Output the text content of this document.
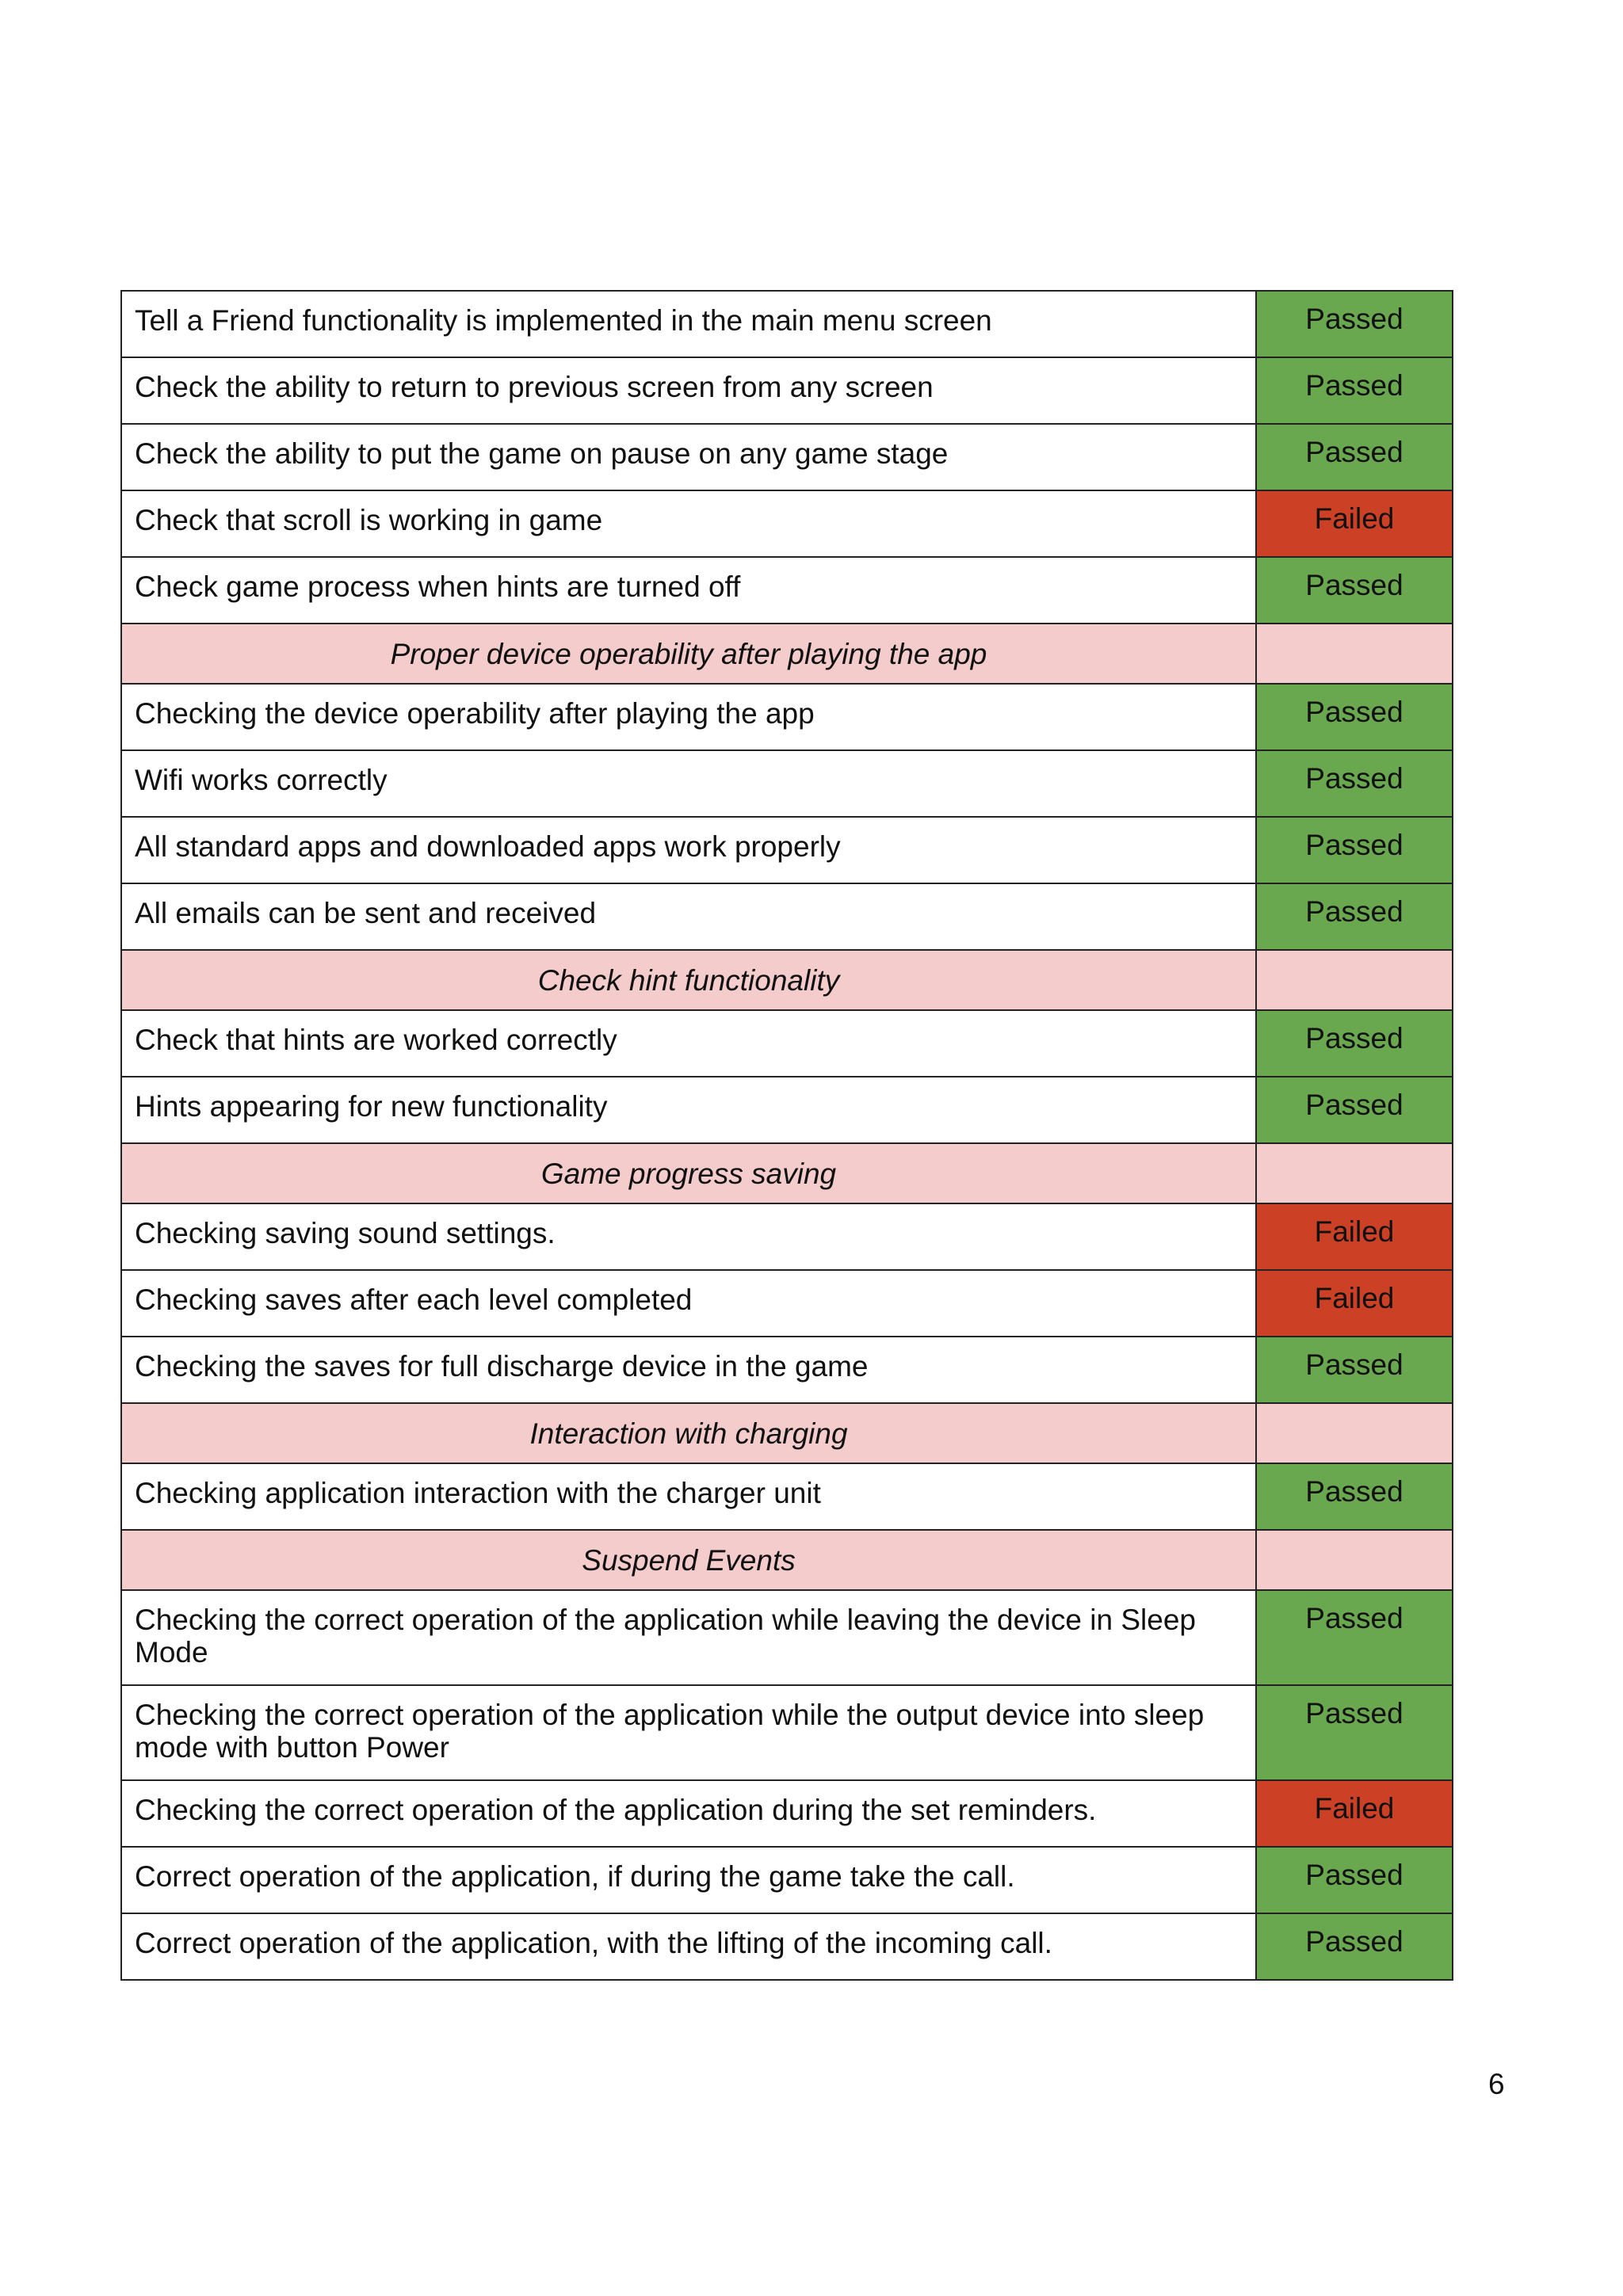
Tell a Friend functionality is implemented in the main menu screen	Passed
Check the ability to return to previous screen from any screen	Passed
Check the ability to put the game on pause on any game stage	Passed
Check that scroll is working in game	Failed
Check game process when hints are turned off	Passed
Proper device operability after playing the app	
Checking the device operability after playing the app	Passed
Wifi works correctly	Passed
All standard apps and downloaded apps work properly	Passed
All emails can be sent and received	Passed
Check hint functionality	
Check that hints are worked correctly	Passed
Hints appearing for new functionality	Passed
Game progress saving	
Checking saving sound settings.	Failed
Checking saves after each level completed	Failed
Checking the saves for full discharge device in the game	Passed
Interaction with charging	
Checking application interaction with the charger unit	Passed
Suspend Events	
Checking the correct operation of the application while leaving the device in Sleep Mode	Passed
Checking the correct operation of the application while the output device into sleep mode with button Power	Passed
Checking the correct operation of the application during the set reminders.	Failed
Correct operation of the application, if during the game take the call.	Passed
Correct operation of the application, with the lifting of the incoming call.	Passed
6
